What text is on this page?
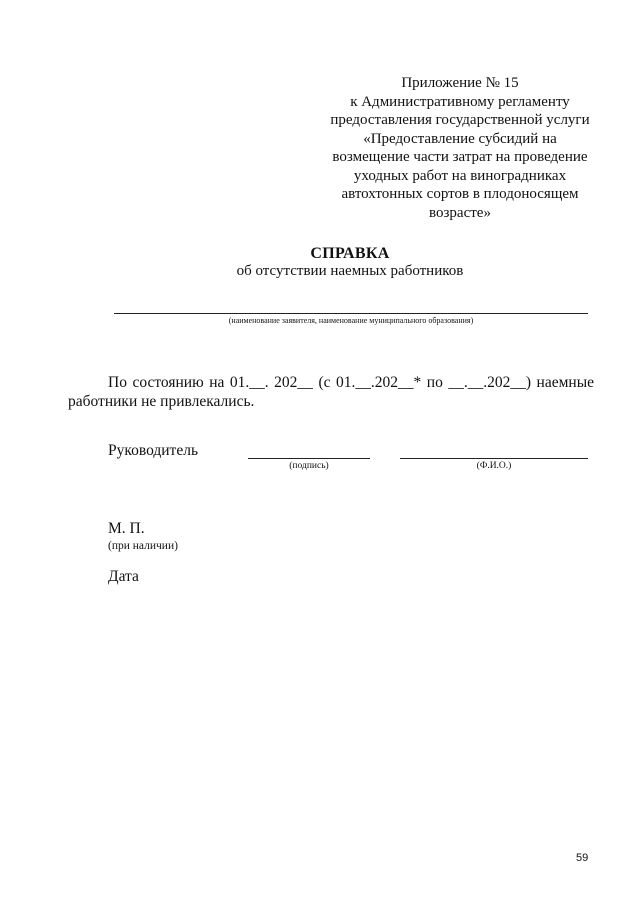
Приложение № 15
к Административному регламенту
предоставления государственной услуги
«Предоставление субсидий на
возмещение части затрат на проведение
уходных работ на виноградниках
автохтонных сортов в плодоносящем
возрасте»
СПРАВКА
об отсутствии наемных работников
(наименование заявителя, наименование муниципального образования)
По состоянию на 01.__. 202__ (с 01.__.202__* по __.__.202__) наемные
работники не привлекались.
Руководитель
(подпись)	(Ф.И.О.)
М. П.
(при наличии)
Дата
59
